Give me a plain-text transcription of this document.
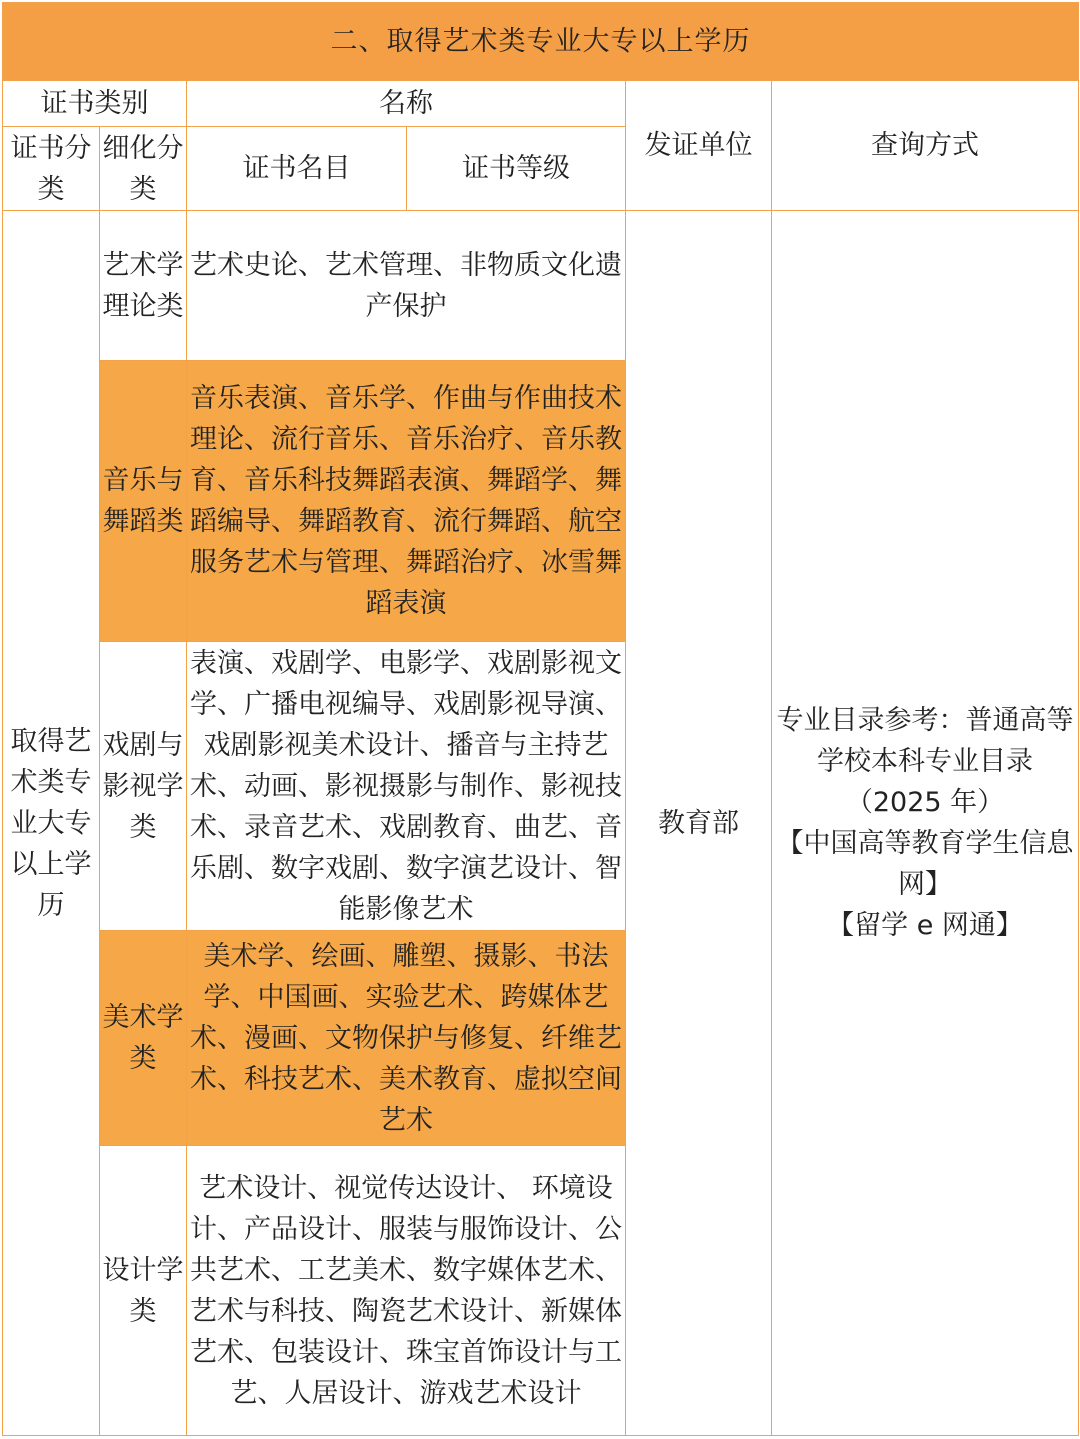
二、取得艺术类专业大专以上学历					
证书类别		名称		发证单位	查询方式
证书分类	细化分类	证书名目	证书等级		
取得艺术类专业大专以上学历	艺术学理论类	艺术史论、艺术管理、非物质文化遗产保护		教育部	专业目录参考：普通高等学校本科专业目录
（2025 年）
【中国高等教育学生信息网】
【留学 e 网通】

	音乐与舞蹈类	音乐表演、音乐学、作曲与作曲技术理论、流行音乐、音乐治疗、音乐教育、音乐科技舞蹈表演、舞蹈学、舞蹈编导、舞蹈教育、流行舞蹈、航空服务艺术与管理、舞蹈治疗、冰雪舞蹈表演			
	戏剧与影视学类	表演、戏剧学、电影学、戏剧影视文学、广播电视编导、戏剧影视导演、戏剧影视美术设计、播音与主持艺术、动画、影视摄影与制作、影视技术、录音艺术、戏剧教育、曲艺、音乐剧、数字戏剧、数字演艺设计、智能影像艺术			
	美术学类	美术学、绘画、雕塑、摄影、书法学、中国画、实验艺术、跨媒体艺术、漫画、文物保护与修复、纤维艺术、科技艺术、美术教育、虚拟空间艺术			
	设计学类	艺术设计、视觉传达设计、 环境设计、产品设计、服装与服饰设计、公共艺术、工艺美术、数字媒体艺术、艺术与科技、陶瓷艺术设计、新媒体艺术、包装设计、珠宝首饰设计与工艺、人居设计、游戏艺术设计			
